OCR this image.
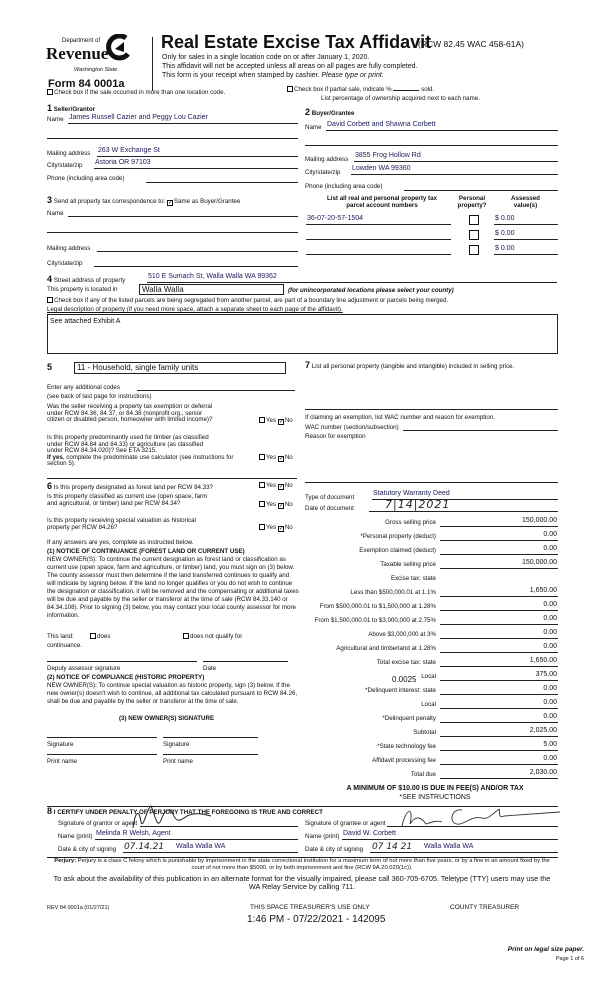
Department of
Revenue
Washington State
Form 84 0001a
Real Estate Excise Tax Affidavit
(RCW 82.45 WAC 458-61A)
Only for sales in a single location code on or after January 1, 2020.
This affidavit will not be accepted unless all areas on all pages are fully completed.
This form is your receipt when stamped by cashier. Please type or print.
Check box if the sale occurred in more than one location code.	Check box if partial sale, indicate %	sold.
List percentage of ownership acquired next to each name.
1 Seller/Grantor
Name James Russell Cazier and Peggy Lou Cazier
Mailing address 263 W Exchange St
City/state/zip Astoria OR 97103
Phone (including area code)
2 Buyer/Grantee
Name David Corbett and Shawna Corbett
Mailing address
3855 Frog Hollow Rd
City/state/zip
Lowden WA 99360
Phone (including area code)
3 Send all property tax correspondence to: ✓Same as Buyer/Grantee
Name
Mailing address
City/state/zip
List all real and personal property tax
parcel account numbers
Personal
property?
Assessed
value(s)
36-07-20-57-1504	$ 0.00
$ 0.00
$ 0.00
4 Street address of property
510 E Sumach St, Walla Walla WA 99362
This property is located in	Walla Walla	(for unincorporated locations please select your county)
Check box if any of the listed parcels are being segregated from another parcel, are part of a boundary line adjustment or parcels being merged.
Legal description of property (if you need more space, attach a separate sheet to each page of the affidavit).
See attached Exhibit A
5	11 - Household, single family units
Enter any additional codes
(see back of last page for instructions)
Was the seller receiving a property tax exemption or deferral
under RCW 84.36, 84.37, or 84.38 (nonprofit org., senior
citizen or disabled person, homeowner with limited income)?	Yes ✓No
Is this property predominantly used for timber (as classified
under RCW 84.84 and 84.33) or agriculture (as classified
under RCW 84.34.020)? See ETA 3215.
If yes, complete the predominate use calculator (see instructions for
section 5).
Yes ✓No
6 Is this property designated as forest land per RCW 84.33?	Yes ✓No
Is this property classified as current use (open space, farm
and agricultural, or timber) land per RCW 84.34?	Yes ✓No
Is this property receiving special valuation as historical
property per RCW 84.26?	Yes ✓No
If any answers are yes, complete as instructed below.
(1) NOTICE OF CONTINUANCE (FOREST LAND OR CURRENT USE)
NEW OWNER(S): To continue the current designation as forest land or classification as current use (open space, farm and agriculture, or timber) land, you must sign on (3) below. The county assessor must then determine if the land transferred continues to qualify and will indicate by signing below. If the land no longer qualifies or you do not wish to continue the designation or classification, it will be removed and the compensating or additional taxes will be due and payable by the seller or transferor at the time of sale (RCW 84.33.140 or 84.34.108). Prior to signing (3) below, you may contact your local county assessor for more information.
This land:	does	does not qualify for
continuance.
Deputy assessor signature	Date
(2) NOTICE OF COMPLIANCE (HISTORIC PROPERTY)
NEW OWNER(S): To continue special valuation as historic property, sign (3) below. If the new owner(s) doesn't wish to continue, all additional tax calculated pursuant to RCW 84.26, shall be due and payable by the seller or transferor at the time of sale.
(3) NEW OWNER(S) SIGNATURE
Signature	Signature
Print name	Print name
7 List all personal property (tangible and intangible) included in selling price.
If claiming an exemption, list WAC number and reason for exemption.
WAC number (section/subsection)
Reason for exemption
Type of document
Statutory Warranty Deed
Date of document	7|14|2021
Gross selling price	150,000.00
*Personal property (deduct)	0.00
Exemption claimed (deduct)	0.00
Taxable selling price	150,000.00
Excise tax: state
Less than $500,000.01 at 1.1%	1,650.00
From $500,000.01 to $1,500,000 at 1.28%	0.00
From $1,500,000.01 to $3,000,000 at 2.75%	0.00
Above $3,000,000 at 3%	0.00
Agricultural and timberland at 1.28%	0.00
Total excise tax: state	1,650.00
Local	375.00
*Delinquent interest: state	0.00
Local	0.00
*Delinquent penalty	0.00
Subtotal	2,025.00
*State technology fee	5.00
Affidavit processing fee	0.00
Total due	2,030.00
0.0025
A MINIMUM OF $10.00 IS DUE IN FEE(S) AND/OR TAX
*SEE INSTRUCTIONS
8 I CERTIFY UNDER PENALTY OF PERJURY THAT THE FOREGOING IS TRUE AND CORRECT
Signature of grantor or agent
Name (print) Melinda R Welsh, Agent
Date & city of signing 07.14.21 Walla Walla WA
Signature of grantee or agent
Name (print) David W. Corbett
Date & city of signing 07 14 21 Walla Walla WA
Perjury: Perjury is a class C felony which is punishable by imprisonment in the state correctional institution for a maximum term of not more than five years, or by a fine in an amount fixed by the court of not more than $5000, or by both imprisonment and fine (RCW 9A.20.020(1c)).
To ask about the availability of this publication in an alternate format for the visually impaired, please call 360-705-6705. Teletype (TTY) users may use the WA Relay Service by calling 711.
REV 84 0001a (01/27/21)	THIS SPACE TREASURER'S USE ONLY	COUNTY TREASURER
1:46 PM - 07/22/2021 - 142095
Print on legal size paper.
Page 1 of 6
